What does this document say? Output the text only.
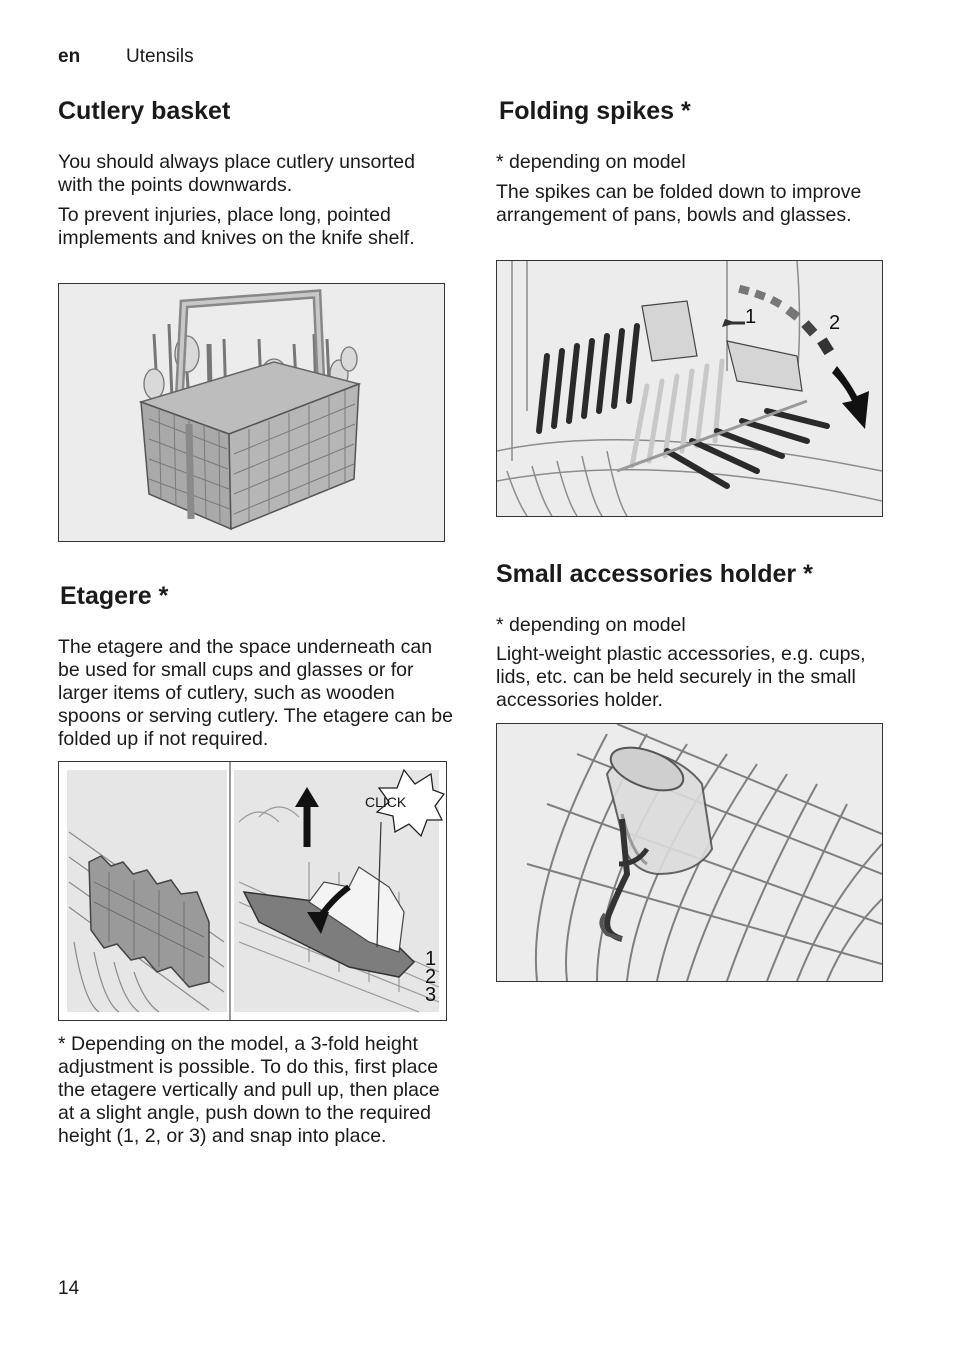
en Utensils
Cutlery basket

You should always place cutlery unsorted with the points downwards.

To prevent injuries, place long, pointed implements and knives on the knife shelf.

Etagere *

The etagere and the space underneath can be used for small cups and glasses or for larger items of cutlery, such as wooden spoons or serving cutlery. The etagere can be folded up if not required.

CLICK
1
2
3

* Depending on the model, a 3-fold height adjustment is possible. To do this, first place the etagere vertically and pull up, then place at a slight angle, push down to the required height (1, 2, or 3) and snap into place.

Folding spikes *

* depending on model

The spikes can be folded down to improve arrangement of pans, bowls and glasses.

1	2
Small accessories holder *

* depending on model

Light-weight plastic accessories, e.g. cups, lids, etc. can be held securely in the small accessories holder.

14
